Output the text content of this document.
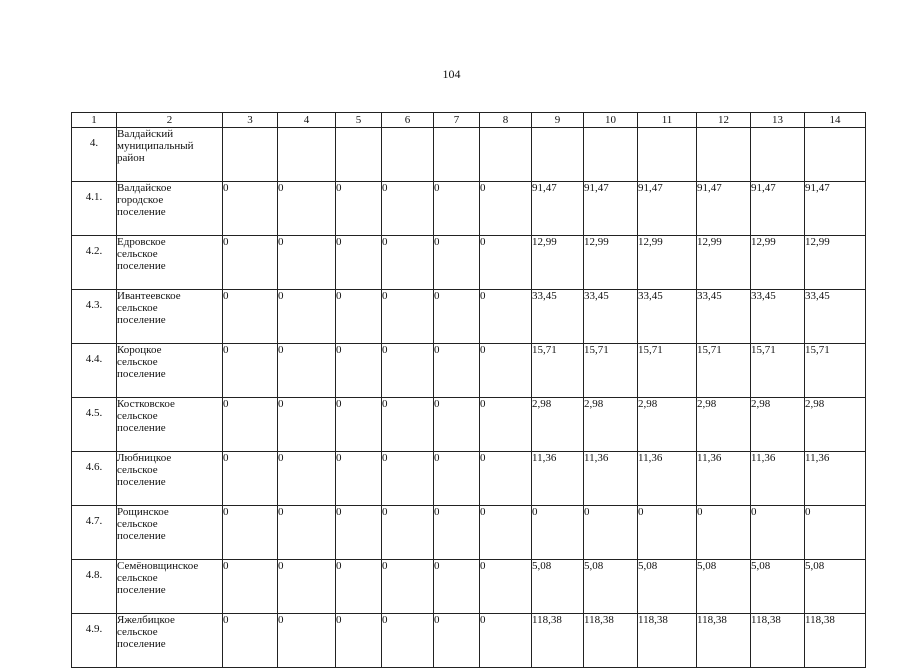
104
1	2	3	4	5	6	7	8	9	10	11	12	13	14
4.	Валдайский
муниципальный
район												

4.1.	Валдайское
городское
поселение	0	0	0	0	0	0	91,47	91,47	91,47	91,47	91,47	91,47
4.2.	Едровское
сельское
поселение	0	0	0	0	0	0	12,99	12,99	12,99	12,99	12,99	12,99
4.3.	Ивантеевское
сельское
поселение	0	0	0	0	0	0	33,45	33,45	33,45	33,45	33,45	33,45
4.4.	Короцкое
сельское
поселение	0	0	0	0	0	0	15,71	15,71	15,71	15,71	15,71	15,71
4.5.	Костковское
сельское
поселение	0	0	0	0	0	0	2,98	2,98	2,98	2,98	2,98	2,98
4.6.	Любницкое
сельское
поселение	0	0	0	0	0	0	11,36	11,36	11,36	11,36	11,36	11,36
4.7.	Рощинское
сельское
поселение	0	0	0	0	0	0	0	0	0	0	0	0
4.8.	Семёновщинское
сельское
поселение	0	0	0	0	0	0	5,08	5,08	5,08	5,08	5,08	5,08
4.9.	Яжелбицкое
сельское
поселение	0	0	0	0	0	0	118,38	118,38	118,38	118,38	118,38	118,38
